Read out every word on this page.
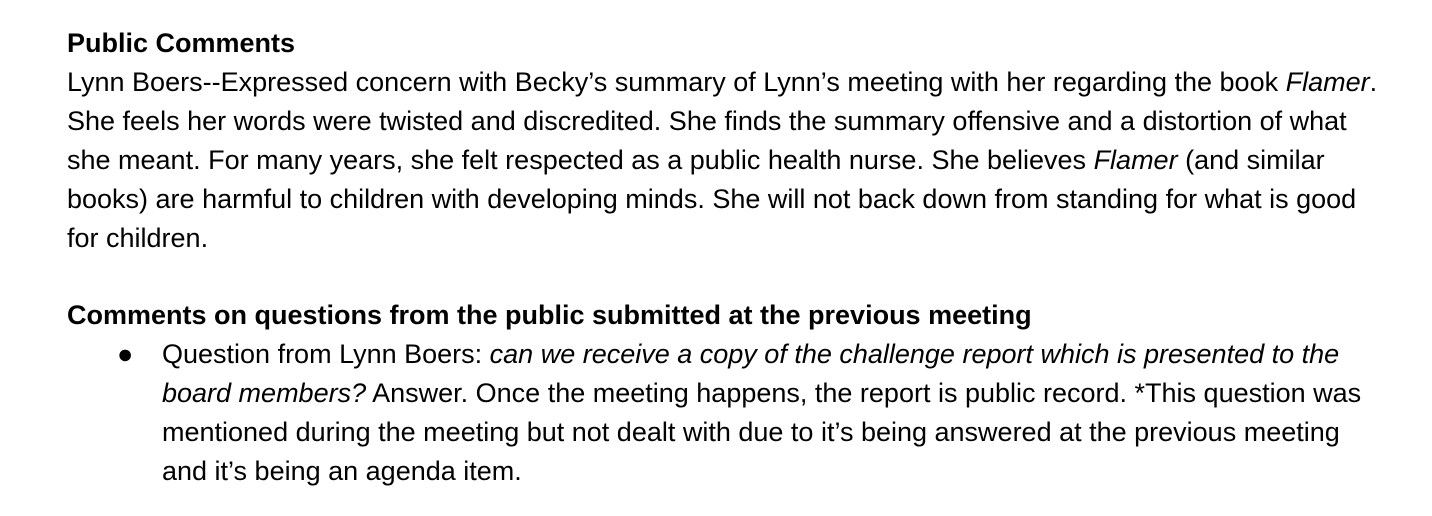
Public Comments

Lynn Boers--Expressed concern with Becky’s summary of Lynn’s meeting with her regarding the book Flamer. She feels her words were twisted and discredited. She finds the summary offensive and a distortion of what she meant. For many years, she felt respected as a public health nurse. She believes Flamer (and similar books) are harmful to children with developing minds. She will not back down from standing for what is good for children.

Comments on questions from the public submitted at the previous meeting

● Question from Lynn Boers: can we receive a copy of the challenge report which is presented to the board members? Answer. Once the meeting happens, the report is public record. *This question was mentioned during the meeting but not dealt with due to it’s being answered at the previous meeting and it’s being an agenda item.
